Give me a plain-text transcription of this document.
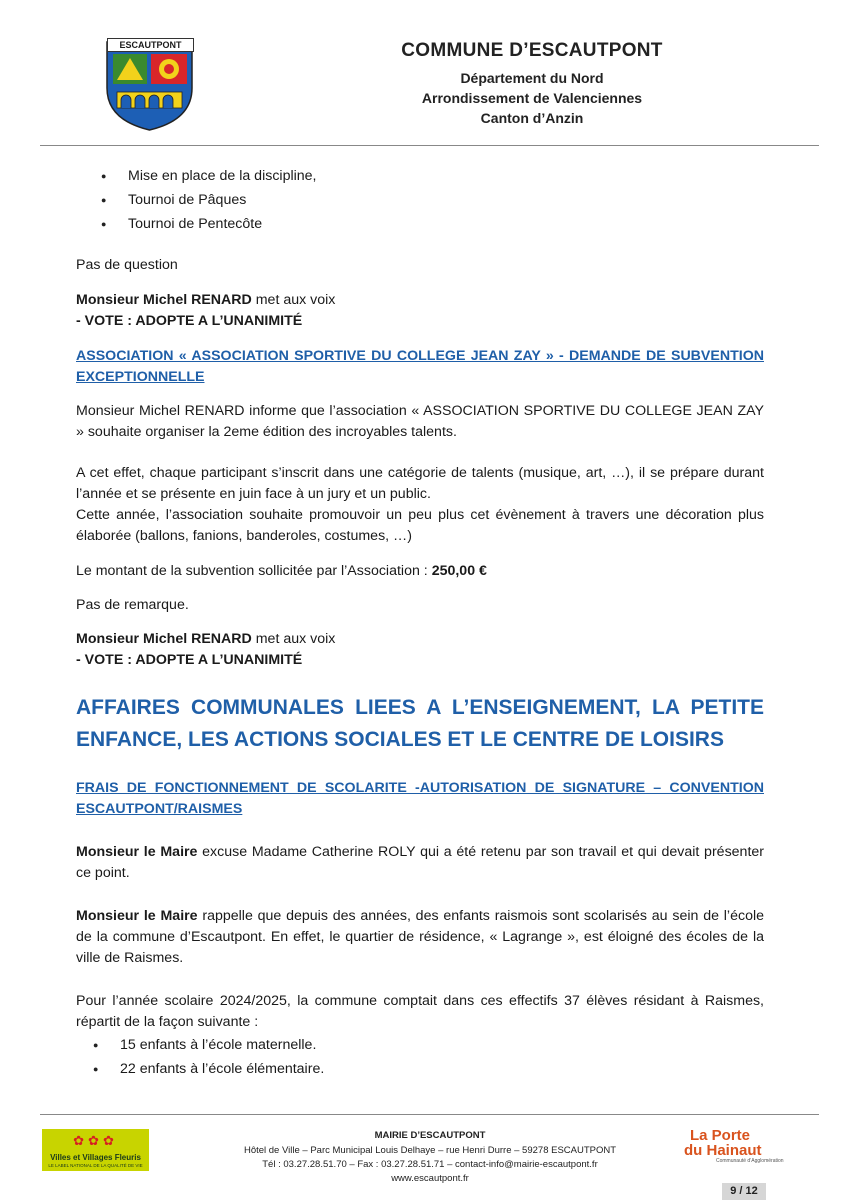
ESCAUTPONT	COMMUNE D’ESCAUTPONT
Département du Nord
Arrondissement de Valenciennes
Canton d’Anzin
● Mise en place de la discipline,
● Tournoi de Pâques
● Tournoi de Pentecôte

Pas de question

Monsieur Michel RENARD met aux voix

- VOTE : ADOPTE A L’UNANIMITÉ

ASSOCIATION « ASSOCIATION SPORTIVE DU COLLEGE JEAN ZAY » - DEMANDE DE SUBVENTION EXCEPTIONNELLE

Monsieur Michel RENARD informe que l’association « ASSOCIATION SPORTIVE DU COLLEGE JEAN ZAY » souhaite organiser la 2eme édition des incroyables talents.

A cet effet, chaque participant s’inscrit dans une catégorie de talents (musique, art, …), il se prépare durant l’année et se présente en juin face à un jury et un public.

Cette année, l’association souhaite promouvoir un peu plus cet évènement à travers une décoration plus élaborée (ballons, fanions, banderoles, costumes, …)

Le montant de la subvention sollicitée par l’Association : 250,00 €

Pas de remarque.

Monsieur Michel RENARD met aux voix

- VOTE : ADOPTE A L’UNANIMITÉ

AFFAIRES COMMUNALES LIEES A L’ENSEIGNEMENT, LA PETITE ENFANCE, LES ACTIONS SOCIALES ET LE CENTRE DE LOISIRS

FRAIS DE FONCTIONNEMENT DE SCOLARITE -AUTORISATION DE SIGNATURE – CONVENTION ESCAUTPONT/RAISMES

Monsieur le Maire excuse Madame Catherine ROLY qui a été retenu par son travail et qui devait présenter ce point.

Monsieur le Maire rappelle que depuis des années, des enfants raismois sont scolarisés au sein de l’école de la commune d’Escautpont. En effet, le quartier de résidence, « Lagrange », est éloigné des écoles de la ville de Raismes.

Pour l’année scolaire 2024/2025, la commune comptait dans ces effectifs 37 élèves résidant à Raismes, répartit de la façon suivante :

● 15 enfants à l’école maternelle.
● 22 enfants à l’école élémentaire.
✿✿✿
Villes et Villages Fleuris
LE LABEL NATIONAL DE LA QUALITÉ DE VIE
MAIRIE D’ESCAUTPONT
Hôtel de Ville – Parc Municipal Louis Delhaye – rue Henri Durre – 59278 ESCAUTPONT
Tél : 03.27.28.51.70 – Fax : 03.27.28.51.71 – contact-info@mairie-escautpont.fr
www.escautpont.fr
La Porte
du Hainaut
Communauté d’Agglomération
9 / 12
